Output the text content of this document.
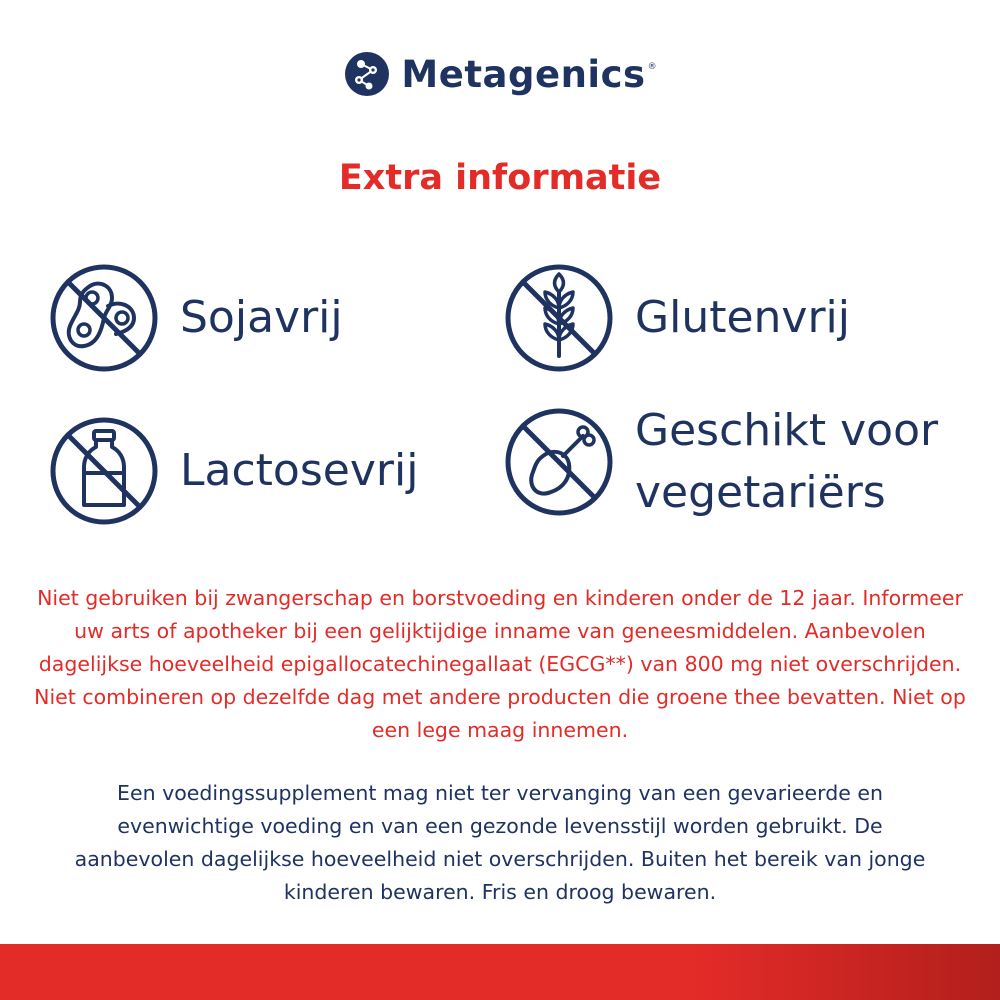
Metagenics ®
Extra informatie
Sojavrij	Glutenvrij
Lactosevrij
Geschikt voor vegetariërs

Niet gebruiken bij zwangerschap en borstvoeding en kinderen onder de 12 jaar. Informeer uw arts of apotheker bij een gelijktijdige inname van geneesmiddelen. Aanbevolen dagelijkse hoeveelheid epigallocatechinegallaat (EGCG**) van 800 mg niet overschrijden. Niet combineren op dezelfde dag met andere producten die groene thee bevatten. Niet op een lege maag innemen.

Een voedingssupplement mag niet ter vervanging van een gevarieerde en evenwichtige voeding en van een gezonde levensstijl worden gebruikt. De aanbevolen dagelijkse hoeveelheid niet overschrijden. Buiten het bereik van jonge kinderen bewaren. Fris en droog bewaren.
